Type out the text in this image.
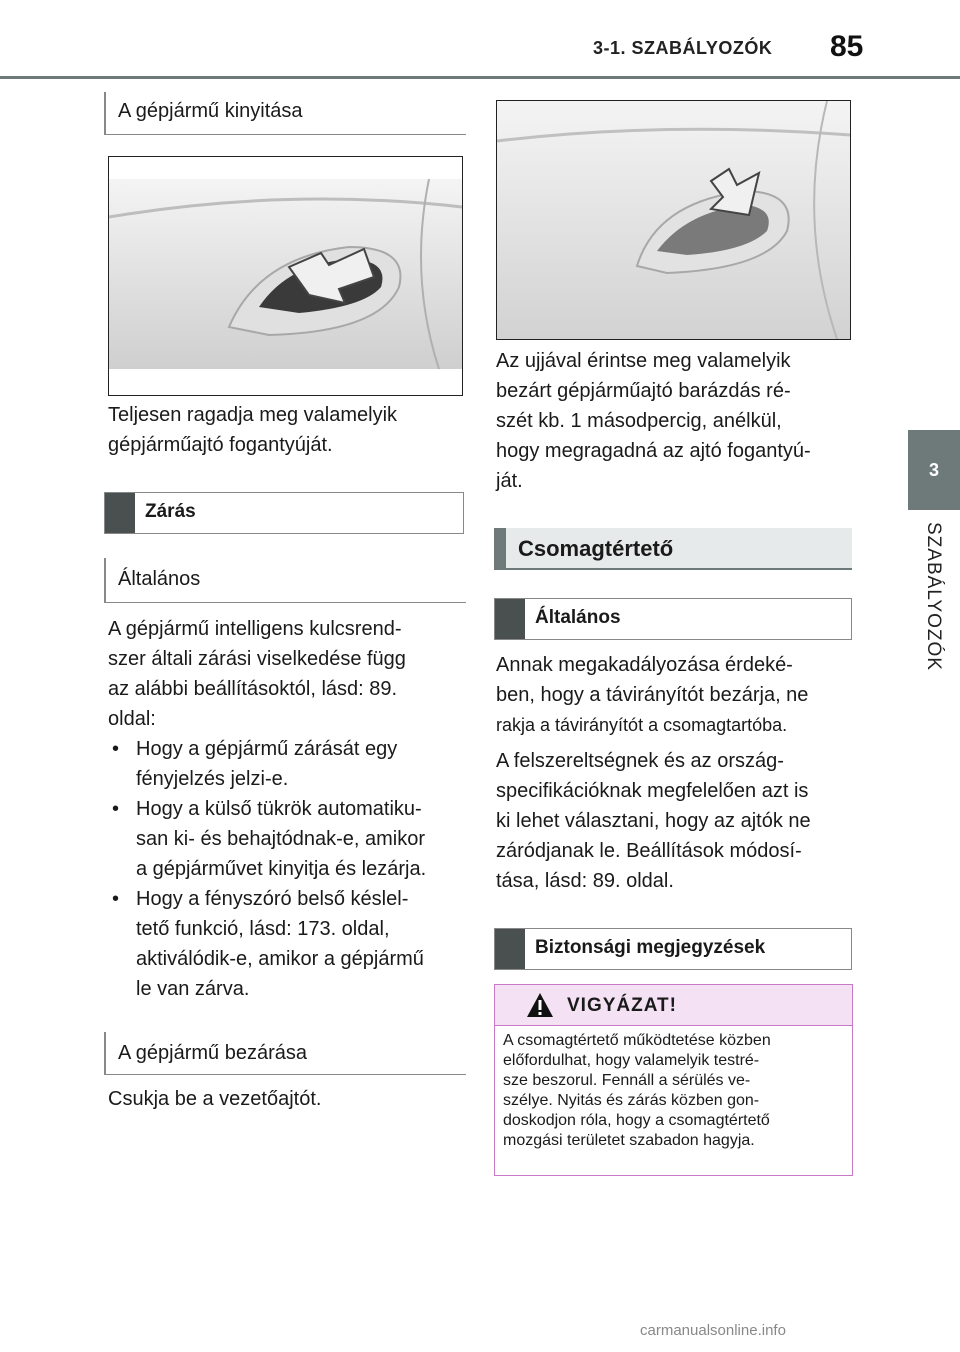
3-1. SZABÁLYOZÓK 85
3
SZABÁLYOZÓK
A gépjármű kinyitása
Teljesen ragadja meg valamelyik
gépjárműajtó fogantyúját.
Zárás
Általános
A gépjármű intelligens kulcsrend-
szer általi zárási viselkedése függ
az alábbi beállításoktól, lásd: 89.
oldal:
• Hogy a gépjármű zárását egy
fényjelzés jelzi-e.
• Hogy a külső tükrök automatiku-
san ki- és behajtódnak-e, amikor
a gépjárművet kinyitja és lezárja.
• Hogy a fényszóró belső késlel-
tető funkció, lásd: 173. oldal,
aktiválódik-e, amikor a gépjármű
le van zárva.
A gépjármű bezárása
Csukja be a vezetőajtót.
Az ujjával érintse meg valamelyik
bezárt gépjárműajtó barázdás ré-
szét kb. 1 másodpercig, anélkül,
hogy megragadná az ajtó fogantyú-
ját.
Csomagtértető
Általános
Annak megakadályozása érdeké-
ben, hogy a távirányítót bezárja, ne
rakja a távirányítót a csomagtartóba.
A felszereltségnek és az ország-
specifikációknak megfelelően azt is
ki lehet választani, hogy az ajtók ne
záródjanak le. Beállítások módosí-
tása, lásd: 89. oldal.
Biztonsági megjegyzések
VIGYÁZAT!
A csomagtértető működtetése közben
előfordulhat, hogy valamelyik testré-
sze beszorul. Fennáll a sérülés ve-
szélye. Nyitás és zárás közben gon-
doskodjon róla, hogy a csomagtértető
mozgási területet szabadon hagyja.
carmanualsonline.info
